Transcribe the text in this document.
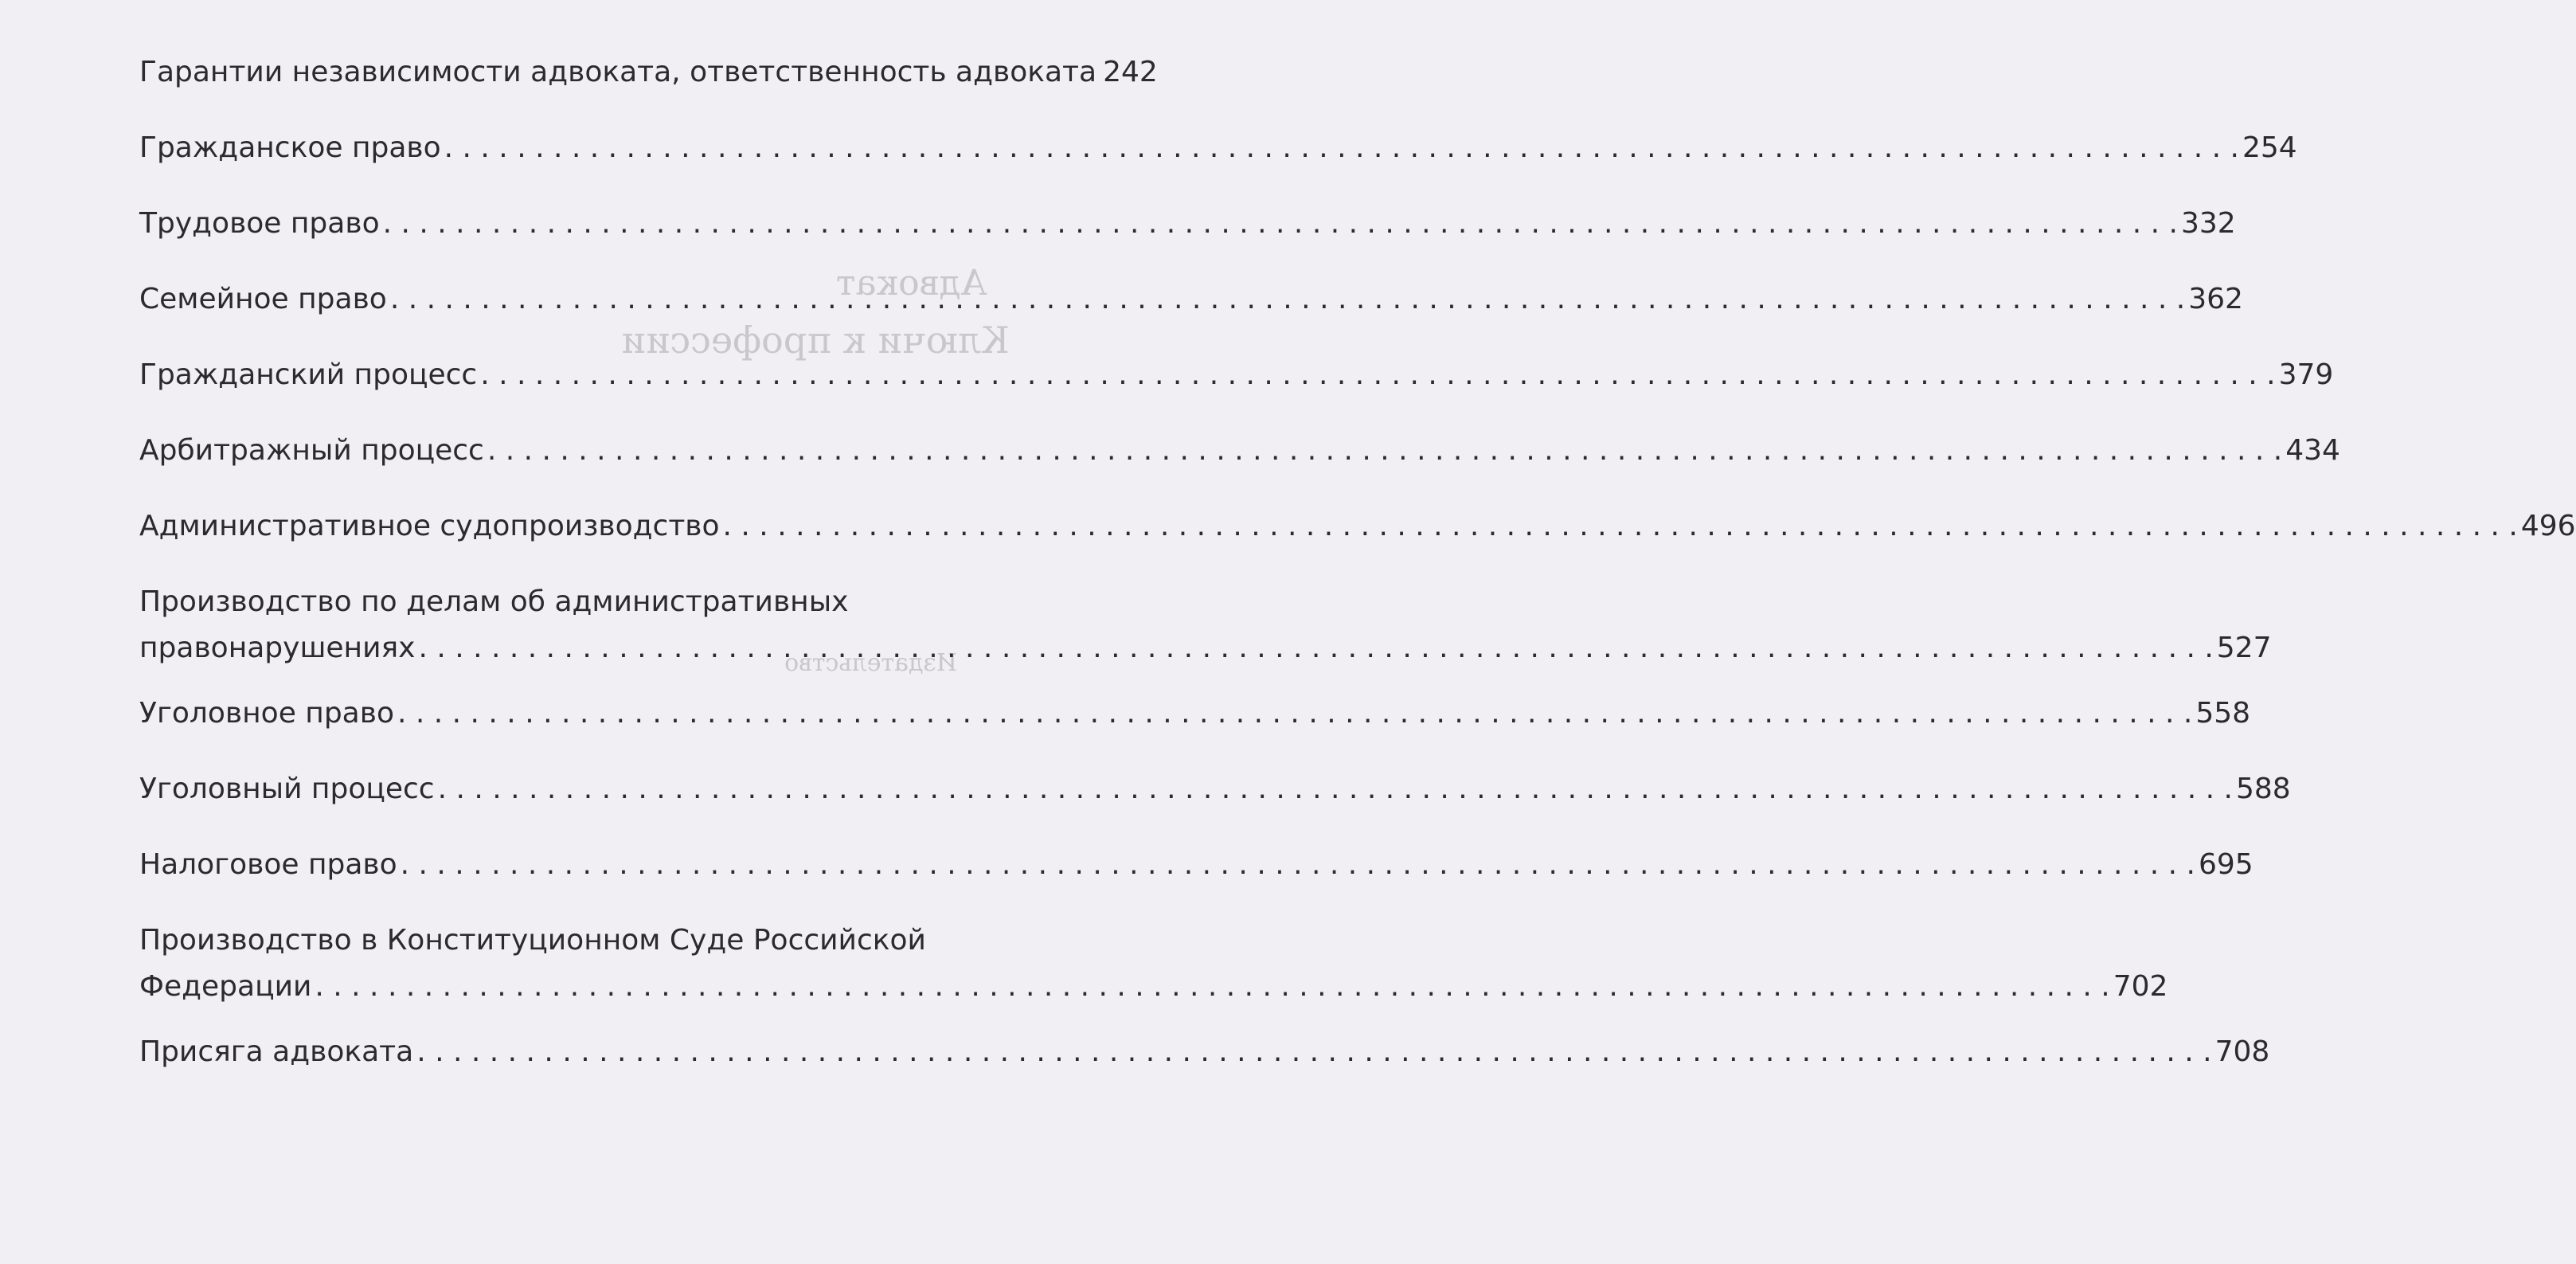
Адвокат
Ключи к профессии
Издательство
Гарантии независимости адвоката, ответственность адвоката 242
Гражданское право . . .	254
Трудовое право . . .	332
Семейное право . . .	362
Гражданский процесс . . .	379
Арбитражный процесс . . .	434
Административное судопроизводство . . .	496
Производство по делам об административных
правонарушениях . . .	527
Уголовное право . . .	558
Уголовный процесс . . .	588
Налоговое право . . .	695
Производство в Конституционном Суде Российской
Федерации . . .	702
Присяга адвоката . . .	708
